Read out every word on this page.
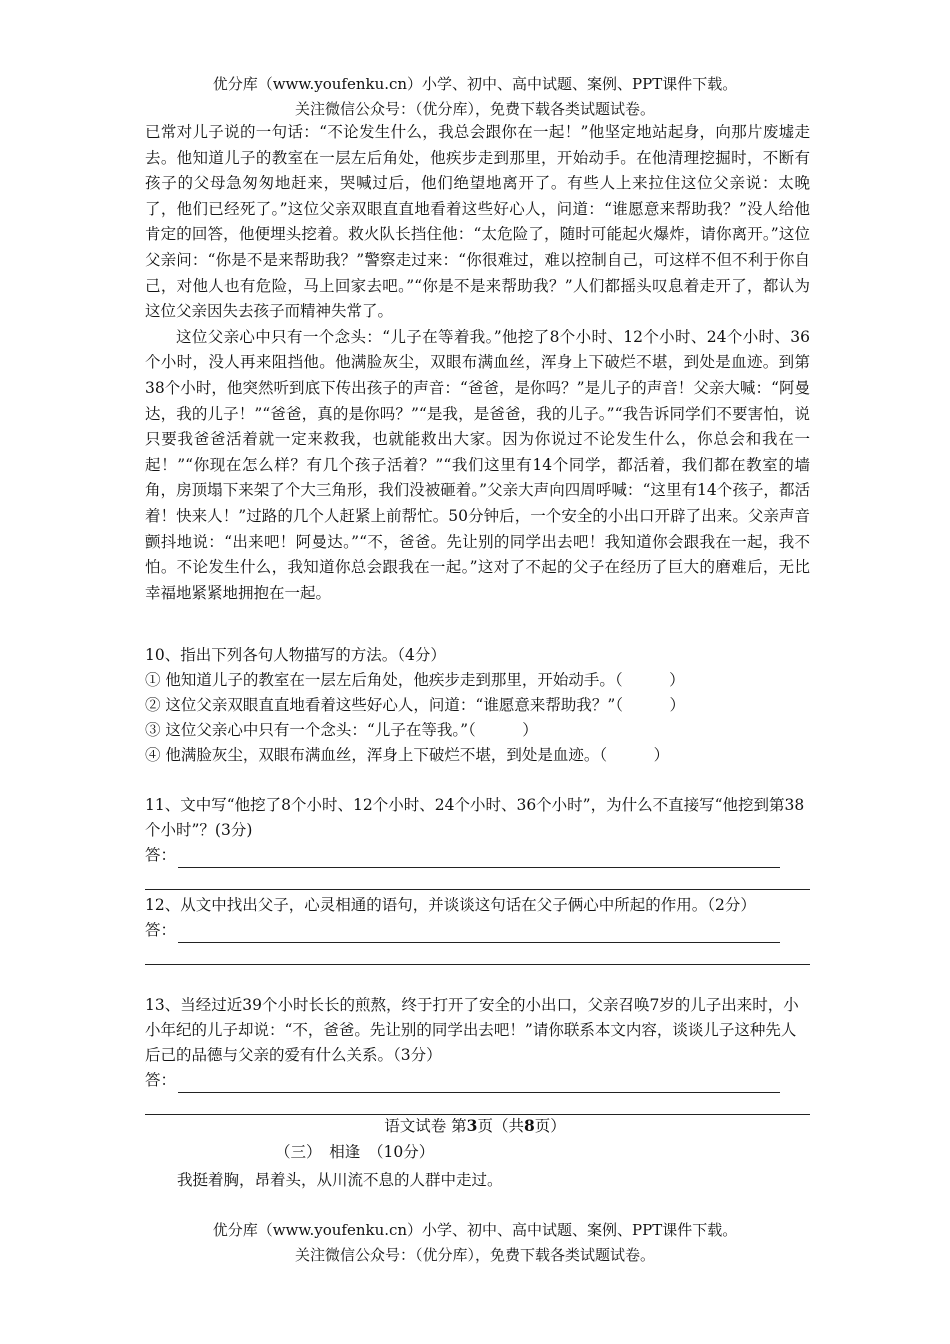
优分库（www.youfenku.cn）小学、初中、高中试题、案例、PPT课件下载。
关注微信公众号：（优分库），免费下载各类试题试卷。

已常对儿子说的一句话：“不论发生什么，我总会跟你在一起！”他坚定地站起身，向那片废墟走去。他知道儿子的教室在一层左后角处，他疾步走到那里，开始动手。在他清理挖掘时，不断有孩子的父母急匆匆地赶来，哭喊过后，他们绝望地离开了。有些人上来拉住这位父亲说：太晚了，他们已经死了。”这位父亲双眼直直地看着这些好心人，问道：“谁愿意来帮助我？”没人给他肯定的回答，他便埋头挖着。救火队长挡住他：“太危险了，随时可能起火爆炸，请你离开。”这位父亲问：“你是不是来帮助我？”警察走过来：“你很难过，难以控制自己，可这样不但不利于你自己，对他人也有危险，马上回家去吧。”“你是不是来帮助我？”人们都摇头叹息着走开了，都认为这位父亲因失去孩子而精神失常了。

这位父亲心中只有一个念头：“儿子在等着我。”他挖了8个小时、12个小时、24个小时、36个小时，没人再来阻挡他。他满脸灰尘，双眼布满血丝，浑身上下破烂不堪，到处是血迹。到第38个小时，他突然听到底下传出孩子的声音：“爸爸，是你吗？”是儿子的声音！父亲大喊：“阿曼达，我的儿子！”“爸爸，真的是你吗？”“是我，是爸爸，我的儿子。”“我告诉同学们不要害怕，说只要我爸爸活着就一定来救我，也就能救出大家。因为你说过不论发生什么，你总会和我在一起！”“你现在怎么样？有几个孩子活着？”“我们这里有14个同学，都活着，我们都在教室的墙角，房顶塌下来架了个大三角形，我们没被砸着。”父亲大声向四周呼喊：“这里有14个孩子，都活着！快来人！”过路的几个人赶紧上前帮忙。50分钟后，一个安全的小出口开辟了出来。父亲声音颤抖地说：“出来吧！阿曼达。”“不，爸爸。先让别的同学出去吧！我知道你会跟我在一起，我不怕。不论发生什么，我知道你总会跟我在一起。”这对了不起的父子在经历了巨大的磨难后，无比幸福地紧紧地拥抱在一起。

10、指出下列各句人物描写的方法。（4分）

① 他知道儿子的教室在一层左后角处，他疾步走到那里，开始动手。（　　　）

② 这位父亲双眼直直地看着这些好心人，问道：“谁愿意来帮助我？”（　　　）

③ 这位父亲心中只有一个念头：“儿子在等我。”（　　　）

④ 他满脸灰尘，双眼布满血丝，浑身上下破烂不堪，到处是血迹。（　　　）

11、文中写“他挖了8个小时、12个小时、24个小时、36个小时”，为什么不直接写“他挖到第38个小时”？(3分)

答：

12、从文中找出父子，心灵相通的语句，并谈谈这句话在父子俩心中所起的作用。（2分）

答：

13、当经过近39个小时长长的煎熬，终于打开了安全的小出口，父亲召唤7岁的儿子出来时，小小年纪的儿子却说：“不，爸爸。先让别的同学出去吧！”请你联系本文内容，谈谈儿子这种先人后己的品德与父亲的爱有什么关系。（3分）

答：
语文试卷 第3页（共8页）
（三）　相逢　（10分）
我挺着胸，昂着头，从川流不息的人群中走过。
优分库（www.youfenku.cn）小学、初中、高中试题、案例、PPT课件下载。
关注微信公众号：（优分库），免费下载各类试题试卷。
